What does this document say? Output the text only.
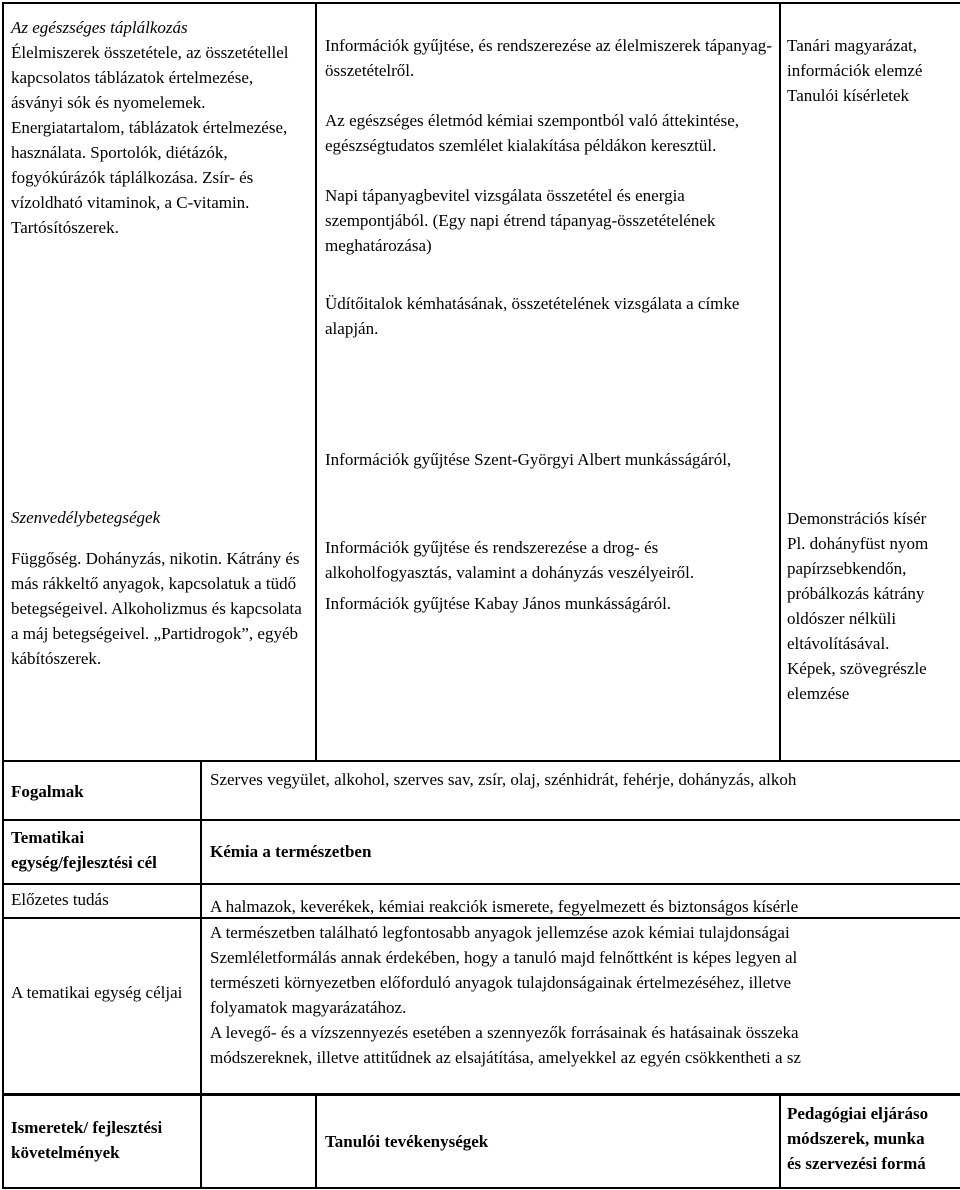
Az egészséges táplálkozás

Élelmiszerek összetétele, az összetétellel kapcsolatos táblázatok értelmezése, ásványi sók és nyomelemek. Energiatartalom, táblázatok értelmezése, használata. Sportolók, diétázók, fogyókúrázók táplálkozása. Zsír- és vízoldható vitaminok, a C-vitamin. Tartósítószerek.

Információk gyűjtése, és rendszerezése az élelmiszerek tápanyag-összetételről.

Az egészséges életmód kémiai szempontból való áttekintése, egészségtudatos szemlélet kialakítása példákon keresztül.

Napi tápanyagbevitel vizsgálata összetétel és energia szempontjából. (Egy napi étrend tápanyag-összetételének meghatározása)

Üdítőitalok kémhatásának, összetételének vizsgálata a címke alapján.

Tanári magyarázat,
információk elemzé
Tanulói kísérletek

Szenvedélybetegségek

Függőség. Dohányzás, nikotin. Kátrány és más rákkeltő anyagok, kapcsolatuk a tüdő betegségeivel. Alkoholizmus és kapcsolata a máj betegségeivel. „Partidrogok”, egyéb kábítószerek.

Információk gyűjtése Szent-Györgyi Albert munkásságáról,

Információk gyűjtése és rendszerezése a drog- és alkoholfogyasztás, valamint a dohányzás veszélyeiről.

Információk gyűjtése Kabay János munkásságáról.

Demonstrációs kísér
Pl. dohányfüst nyom
papírzsebkendőn,
próbálkozás kátrány
oldószer nélküli
eltávolításával.
Képek, szövegrészle
elemzése
Fogalmak
Szerves vegyület, alkohol, szerves sav, zsír, olaj, szénhidrát, fehérje, dohányzás, alkoh
Tematikai egység/fejlesztési cél
Kémia a természetben
Előzetes tudás	A halmazok, keverékek, kémiai reakciók ismerete, fegyelmezett és biztonságos kísérle
A tematikai egység céljai
A természetben található legfontosabb anyagok jellemzése azok kémiai tulajdonságai
Szemléletformálás annak érdekében, hogy a tanuló majd felnőttként is képes legyen al
természeti környezetben előforduló anyagok tulajdonságainak értelmezéséhez, illetve
folyamatok magyarázatához.
A levegő- és a vízszennyezés esetében a szennyezők forrásainak és hatásainak összeka
módszereknek, illetve attitűdnek az elsajátítása, amelyekkel az egyén csökkentheti a sz
Ismeretek/ fejlesztési követelmények
Tanulói tevékenységek
Pedagógiai eljáráso
módszerek, munka
és szervezési formá
